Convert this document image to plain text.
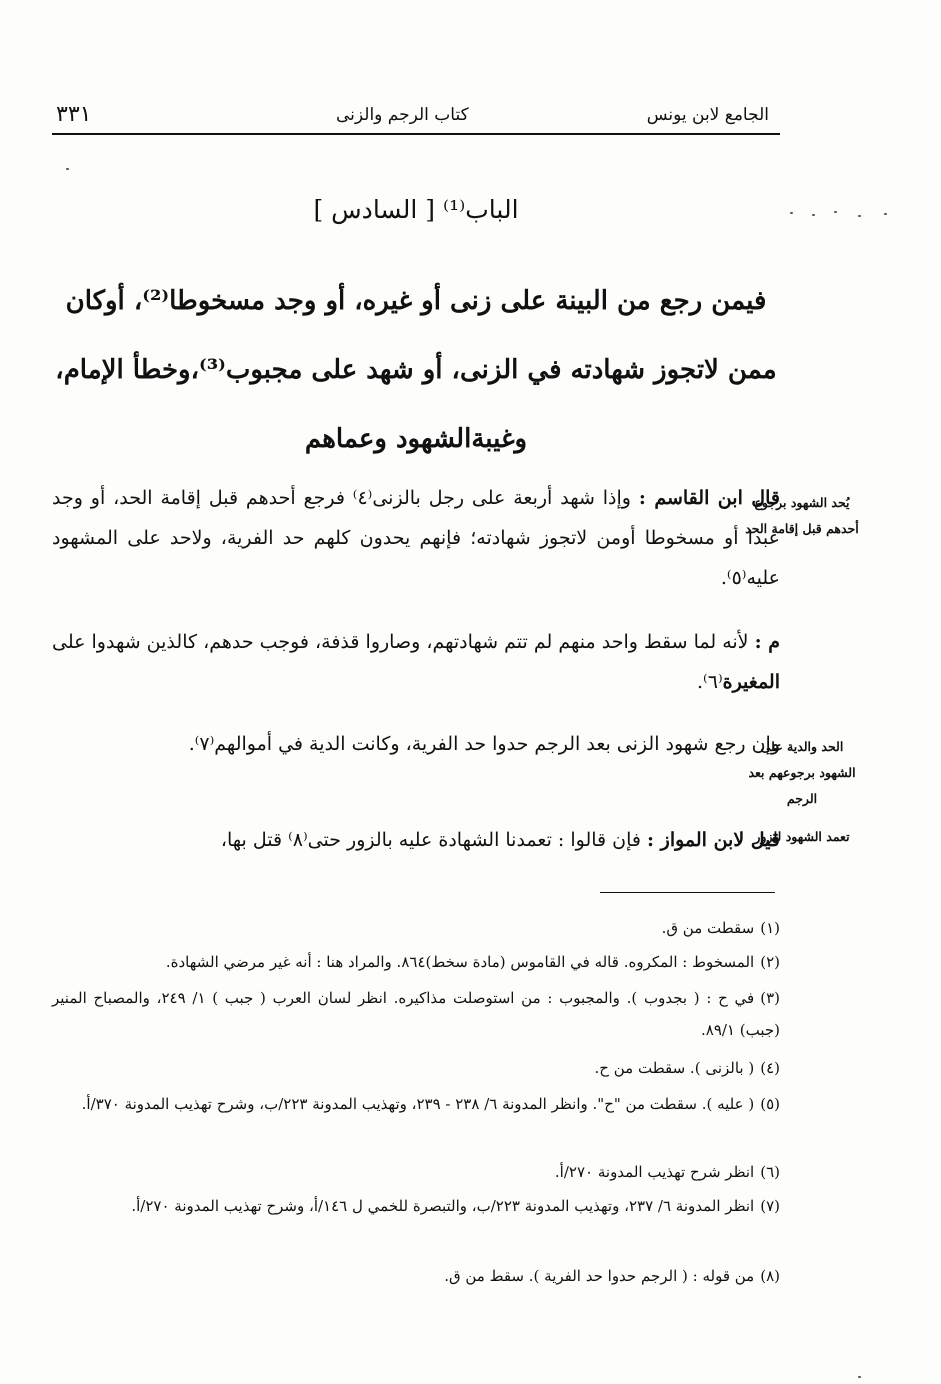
٣٣١	كتاب الرجم والزنى	الجامع لابن يونس
الباب⁽¹⁾ [ السادس ]
فيمن رجع من البينة على زنى أو غيره، أو وجد مسخوطا⁽²⁾، أوكان
ممن لاتجوز شهادته في الزنى، أو شهد على مجبوب⁽³⁾،وخطأ الإمام،
وغيبةالشهود وعماهم
يُحد الشهود برجوع أحدهم قبل إقامة الحد
الحد والدية على الشهود برجوعهم بعد الرجم
تعمد الشهود للزور
قال ابن القاسم : وإذا شهد أربعة على رجل بالزنى⁽٤⁾ فرجع أحدهم قبل إقامة الحد، أو وجد عبدا أو مسخوطا أومن لاتجوز شهادته؛ فإنهم يحدون كلهم حد الفرية، ولاحد على المشهود عليه⁽٥⁾.
م : لأنه لما سقط واحد منهم لم تتم شهادتهم، وصاروا قذفة، فوجب حدهم، كالذين شهدوا على المغيرة⁽٦⁾.
وإن رجع شهود الزنى بعد الرجم حدوا حد الفرية، وكانت الدية في أموالهم⁽٧⁾.
قيل لابن المواز : فإن قالوا : تعمدنا الشهادة عليه بالزور حتى⁽٨⁾ قتل بها،
(١)سقطت من ق.
(٢)المسخوط : المكروه. قاله في القاموس (مادة سخط)٨٦٤. والمراد هنا : أنه غير مرضي الشهادة.
(٣)في ح : ( بجدوب ). والمجبوب : من استوصلت مذاكيره. انظر لسان العرب ( جبب ) ١/ ٢٤٩، والمصباح المنير (جبب) ٨٩/١.
(٤)( بالزنى ). سقطت من ح.
(٥)( عليه ). سقطت من "ح". وانظر المدونة ٦/ ٢٣٨ - ٢٣٩، وتهذيب المدونة ٢٢٣/ب، وشرح تهذيب المدونة ٣٧٠/أ.
(٦)انظر شرح تهذيب المدونة ٢٧٠/أ.
(٧)انظر المدونة ٦/ ٢٣٧، وتهذيب المدونة ٢٢٣/ب، والتبصرة للخمي ل ١٤٦/أ، وشرح تهذيب المدونة ٢٧٠/أ.
(٨)من قوله : ( الرجم حدوا حد الفرية ). سقط من ق.
